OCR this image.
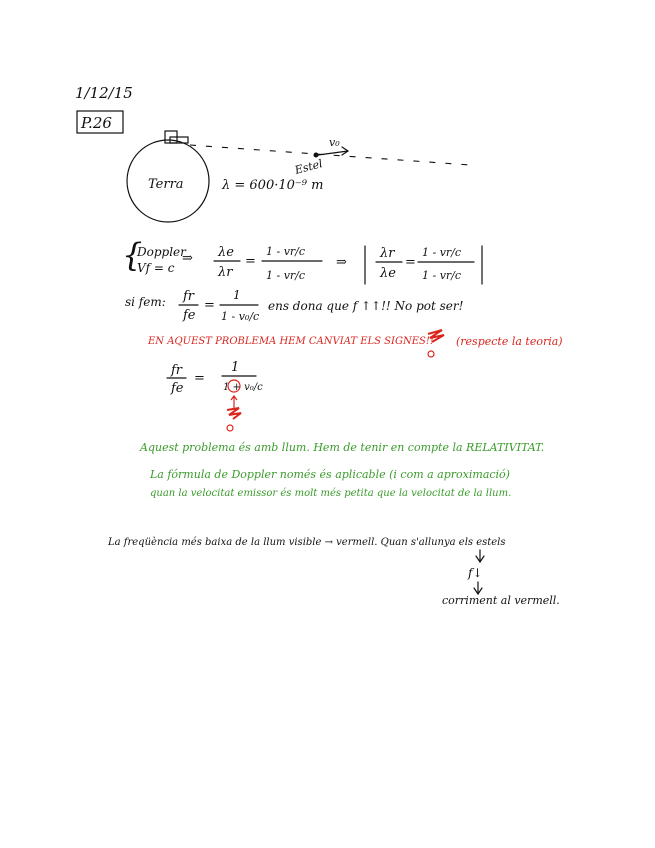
1/12/15
P.26
Terra
v₀
Estel
λ = 600·10⁻⁹ m
{
Doppler
Vf = c
⇒ λe
λr
=
1 - vr/c
1 - vr/c
⇒
λr
λe
=
1 - vr/c
1 - vr/c
si fem: fr
fe
=
1
1 - v₀/c
ens dona que f ↑↑!! No pot ser!
EN AQUEST PROBLEMA HEM CANVIAT ELS SIGNES!! (respecte la teoria)
fr
fe
=
1
1 + v₀/c
Aquest problema és amb llum. Hem de tenir en compte la RELATIVITAT.
La fórmula de Doppler només és aplicable (i com a aproximació)
quan la velocitat emissor és molt més petita que la velocitat de la llum.
La freqüència més baixa de la llum visible → vermell. Quan s'allunya els estels
f↓
corriment al vermell.
